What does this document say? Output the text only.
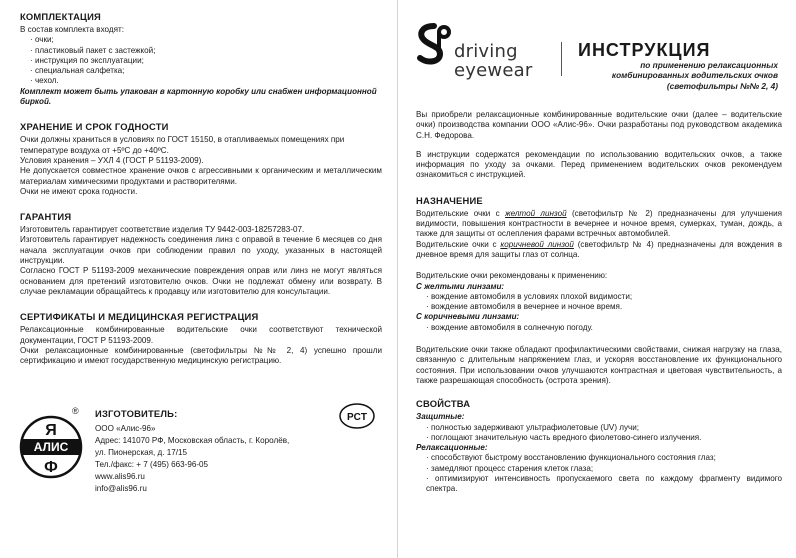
КОМПЛЕКТАЦИЯ

В состав комплекта входят:

· очки;

· пластиковый пакет с застежкой;

· инструкция по эксплуатации;

· специальная салфетка;

· чехол.

Комплект может быть упакован в картонную коробку или снабжен информационной биркой.

ХРАНЕНИЕ И СРОК ГОДНОСТИ

Очки должны храниться в условиях по ГОСТ 15150, в отапливаемых помещениях при температуре воздуха от +5ºС до +40ºС.

Условия хранения – УХЛ 4 (ГОСТ Р 51193-2009).

Не допускается совместное хранение очков с агрессивными к органическим и металлическим материалам химическими продуктами и растворителями.

Очки не имеют срока годности.

ГАРАНТИЯ

Изготовитель гарантирует соответствие изделия ТУ 9442-003-18257283-07.

Изготовитель гарантирует надежность соединения линз с оправой в течение 6 месяцев со дня начала эксплуатации очков при соблюдении правил по уходу, указанных в настоящей инструкции.

Согласно ГОСТ Р 51193-2009 механические повреждения оправ или линз не могут являться основанием для претензий изготовителю очков. Очки не подлежат обмену или возврату. В случае рекламации обращайтесь к продавцу или изготовителю для консультации.

СЕРТИФИКАТЫ И МЕДИЦИНСКАЯ РЕГИСТРАЦИЯ

Релаксационные комбинированные водительские очки соответствуют технической документации, ГОСТ Р 51193-2009.

Очки релаксационные комбинированные (светофильтры №№ 2, 4) успешно прошли сертификацию и имеют государственную медицинскую регистрацию.

АЛИС
Я
Ф
® ИЗГОТОВИТЕЛЬ:

ООО «Алис-96»

Адрес: 141070 РФ, Московская область, г. Королёв,

ул. Пионерская, д. 17/15

Тел./факс: + 7 (495) 663-96-05

www.alis96.ru

info@alis96.ru

PCT
driving
eyewear
ИНСТРУКЦИЯ
по применению релаксационных комбинированных водительских очков (светофильтры №№ 2, 4)

Вы приобрели релаксационные комбинированные водительские очки (далее – водительские очки) производства компании ООО «Алис-96». Очки разработаны под руководством академика С.Н. Федорова.

В инструкции содержатся рекомендации по использованию водительских очков, а также информация по уходу за очками. Перед применением водительских очков рекомендуем ознакомиться с инструкцией.

НАЗНАЧЕНИЕ

Водительские очки с желтой линзой (светофильтр № 2) предназначены для улучшения видимости, повышения контрастности в вечернее и ночное время, сумерках, туман, дождь, а также для защиты от ослепления фарами встречных автомобилей.

Водительские очки с коричневой линзой (светофильтр № 4) предназначены для вождения в дневное время для защиты глаз от солнца.

Водительские очки рекомендованы к применению:

С желтыми линзами:

· вождение автомобиля в условиях плохой видимости;

· вождение автомобиля в вечернее и ночное время.

С коричневыми линзами:

· вождение автомобиля в солнечную погоду.

Водительские очки также обладают профилактическими свойствами, снижая нагрузку на глаза, связанную с длительным напряжением глаз, и ускоряя восстановление их функционального состояния. При использовании очков улучшаются контрастная и цветовая чувствительность, а также разрешающая способность (острота зрения).

СВОЙСТВА

Защитные:

· полностью задерживают ультрафиолетовые (UV) лучи;

· поглощают значительную часть вредного фиолетово-синего излучения.

Релаксационные:

· способствуют быстрому восстановлению функционального состояния глаз;

· замедляют процесс старения клеток глаза;

· оптимизируют интенсивность пропускаемого света по каждому фрагменту видимого спектра.
